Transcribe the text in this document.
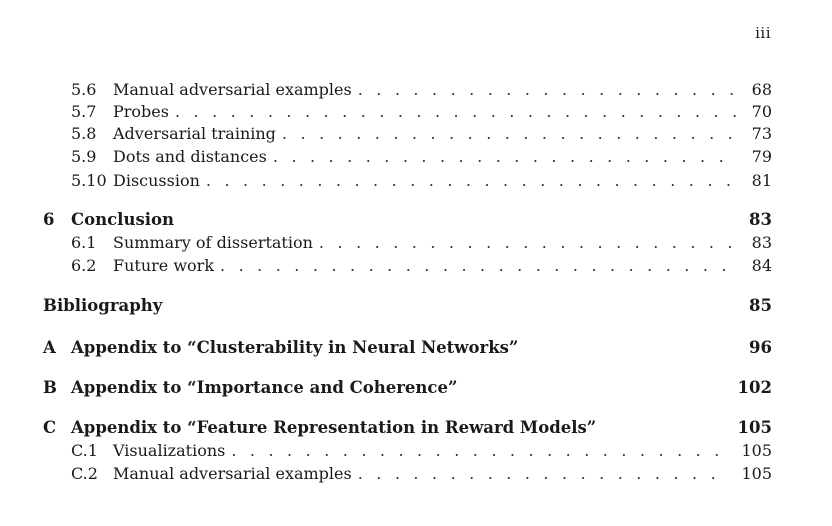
iii
5.6	Manual adversarial examples . . .	68
5.7	Probes . . .	70
5.8	Adversarial training . . .	73
5.9	Dots and distances . . .	79
5.10 Discussion . . .	81
6	Conclusion	83
6.1	Summary of dissertation . . .	83
6.2	Future work . . .	84
Bibliography	85
A Appendix to “Clusterability in Neural Networks”	96
B Appendix to “Importance and Coherence”	102
C Appendix to “Feature Representation in Reward Models”	105
C.1 Visualizations . . .	105
C.2 Manual adversarial examples . . .	105
